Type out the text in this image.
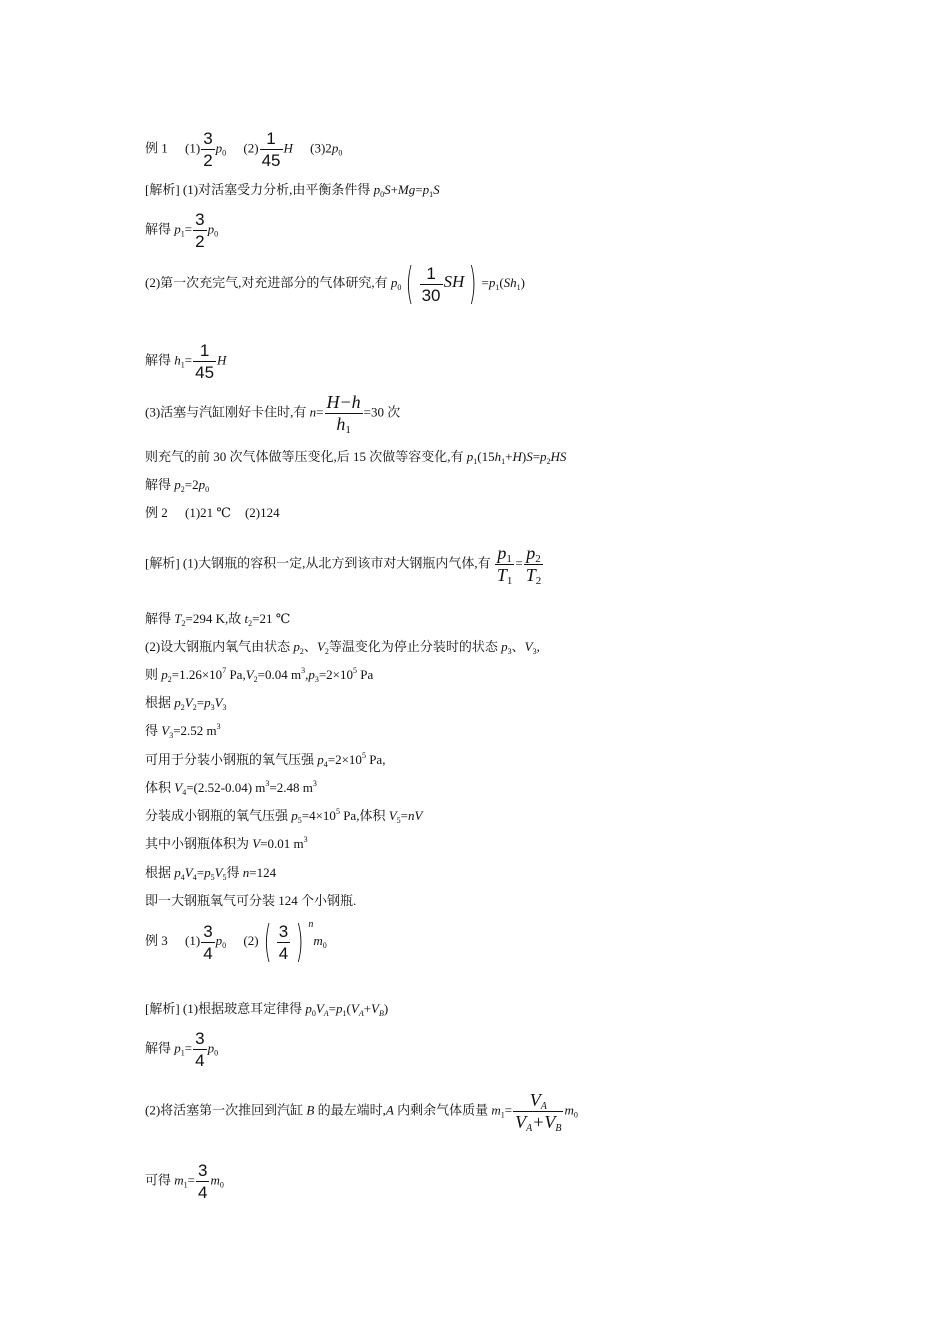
例 1 $(1) \frac{3}{2} p_0$ $(2) \frac{1}{45}$ H $(3)2p_0$
[解析] (1)对活塞受力分析,由平衡条件得 $p_0S+Mg=p_1S$
解得 $p_1= \frac{3}{2} p_0$
(2)第一次充完气,对充进部分的气体研究,有 $p_0$ ( $\frac{1}{30}$ SH ) $=p_1(Sh_1)$
解得 $h_1= \frac{1}{45}$ H
(3)活塞与汽缸刚好卡住时,有 $n= \frac{H-h}{h_1} =30$ 次
则充气的前 30 次气体做等压变化,后 15 次做等容变化,有 $p_1(15h_1+H)S=p_2HS$
解得 $p_2=2p_0$
例 2 (1)21 ℃ (2)124
[解析] (1)大钢瓶的容积一定,从北方到该市对大钢瓶内气体,有 $\frac{p_1}{T_1} = \frac{p_2}{T_2}$
解得 $T_2=294$ K,故 $t_2=21$ ℃
(2)设大钢瓶内氧气由状态 $p_2$、$V_2$等温变化为停止分装时的状态 $p_3$、$V_3$,
则 $p_2=1.26\times 10^7$ $Pa,V_2=0.04$ $m^3,p_3=2\times 10^5$ Pa
根据 $p_2V_2=p_3V_3$
得 $V_3=2.52$ $m^3$
可用于分装小钢瓶的氧气压强 $p_4=2\times 10^5$ Pa,
体积 $V_4=(2.52-0.04)$ $m^3=2.48$ $m^3$
分装成小钢瓶的氧气压强 $p_5=4\times 10^5$ Pa,体积 $V_5=nV$
其中小钢瓶体积为 V=0.01 $m^3$
根据 $p_4V_4=p_5V_5$得 n=124
即一大钢瓶氧气可分装 124 个小钢瓶.
例 3 $(1) \frac{3}{4} p_0$ (2) ( $\frac{3}{4}$ ) $^nm_0$
[解析] (1)根据玻意耳定律得 $p_0V_A=p_1(V_A+V_B)$
解得 $p_1= \frac{3}{4} p_0$
(2)将活塞第一次推回到汽缸 B 的最左端时,A 内剩余气体质量 $m_1= \frac{V_A}{V_A+V_B} m_0$
可得 $m_1= \frac{3}{4} m_0$
